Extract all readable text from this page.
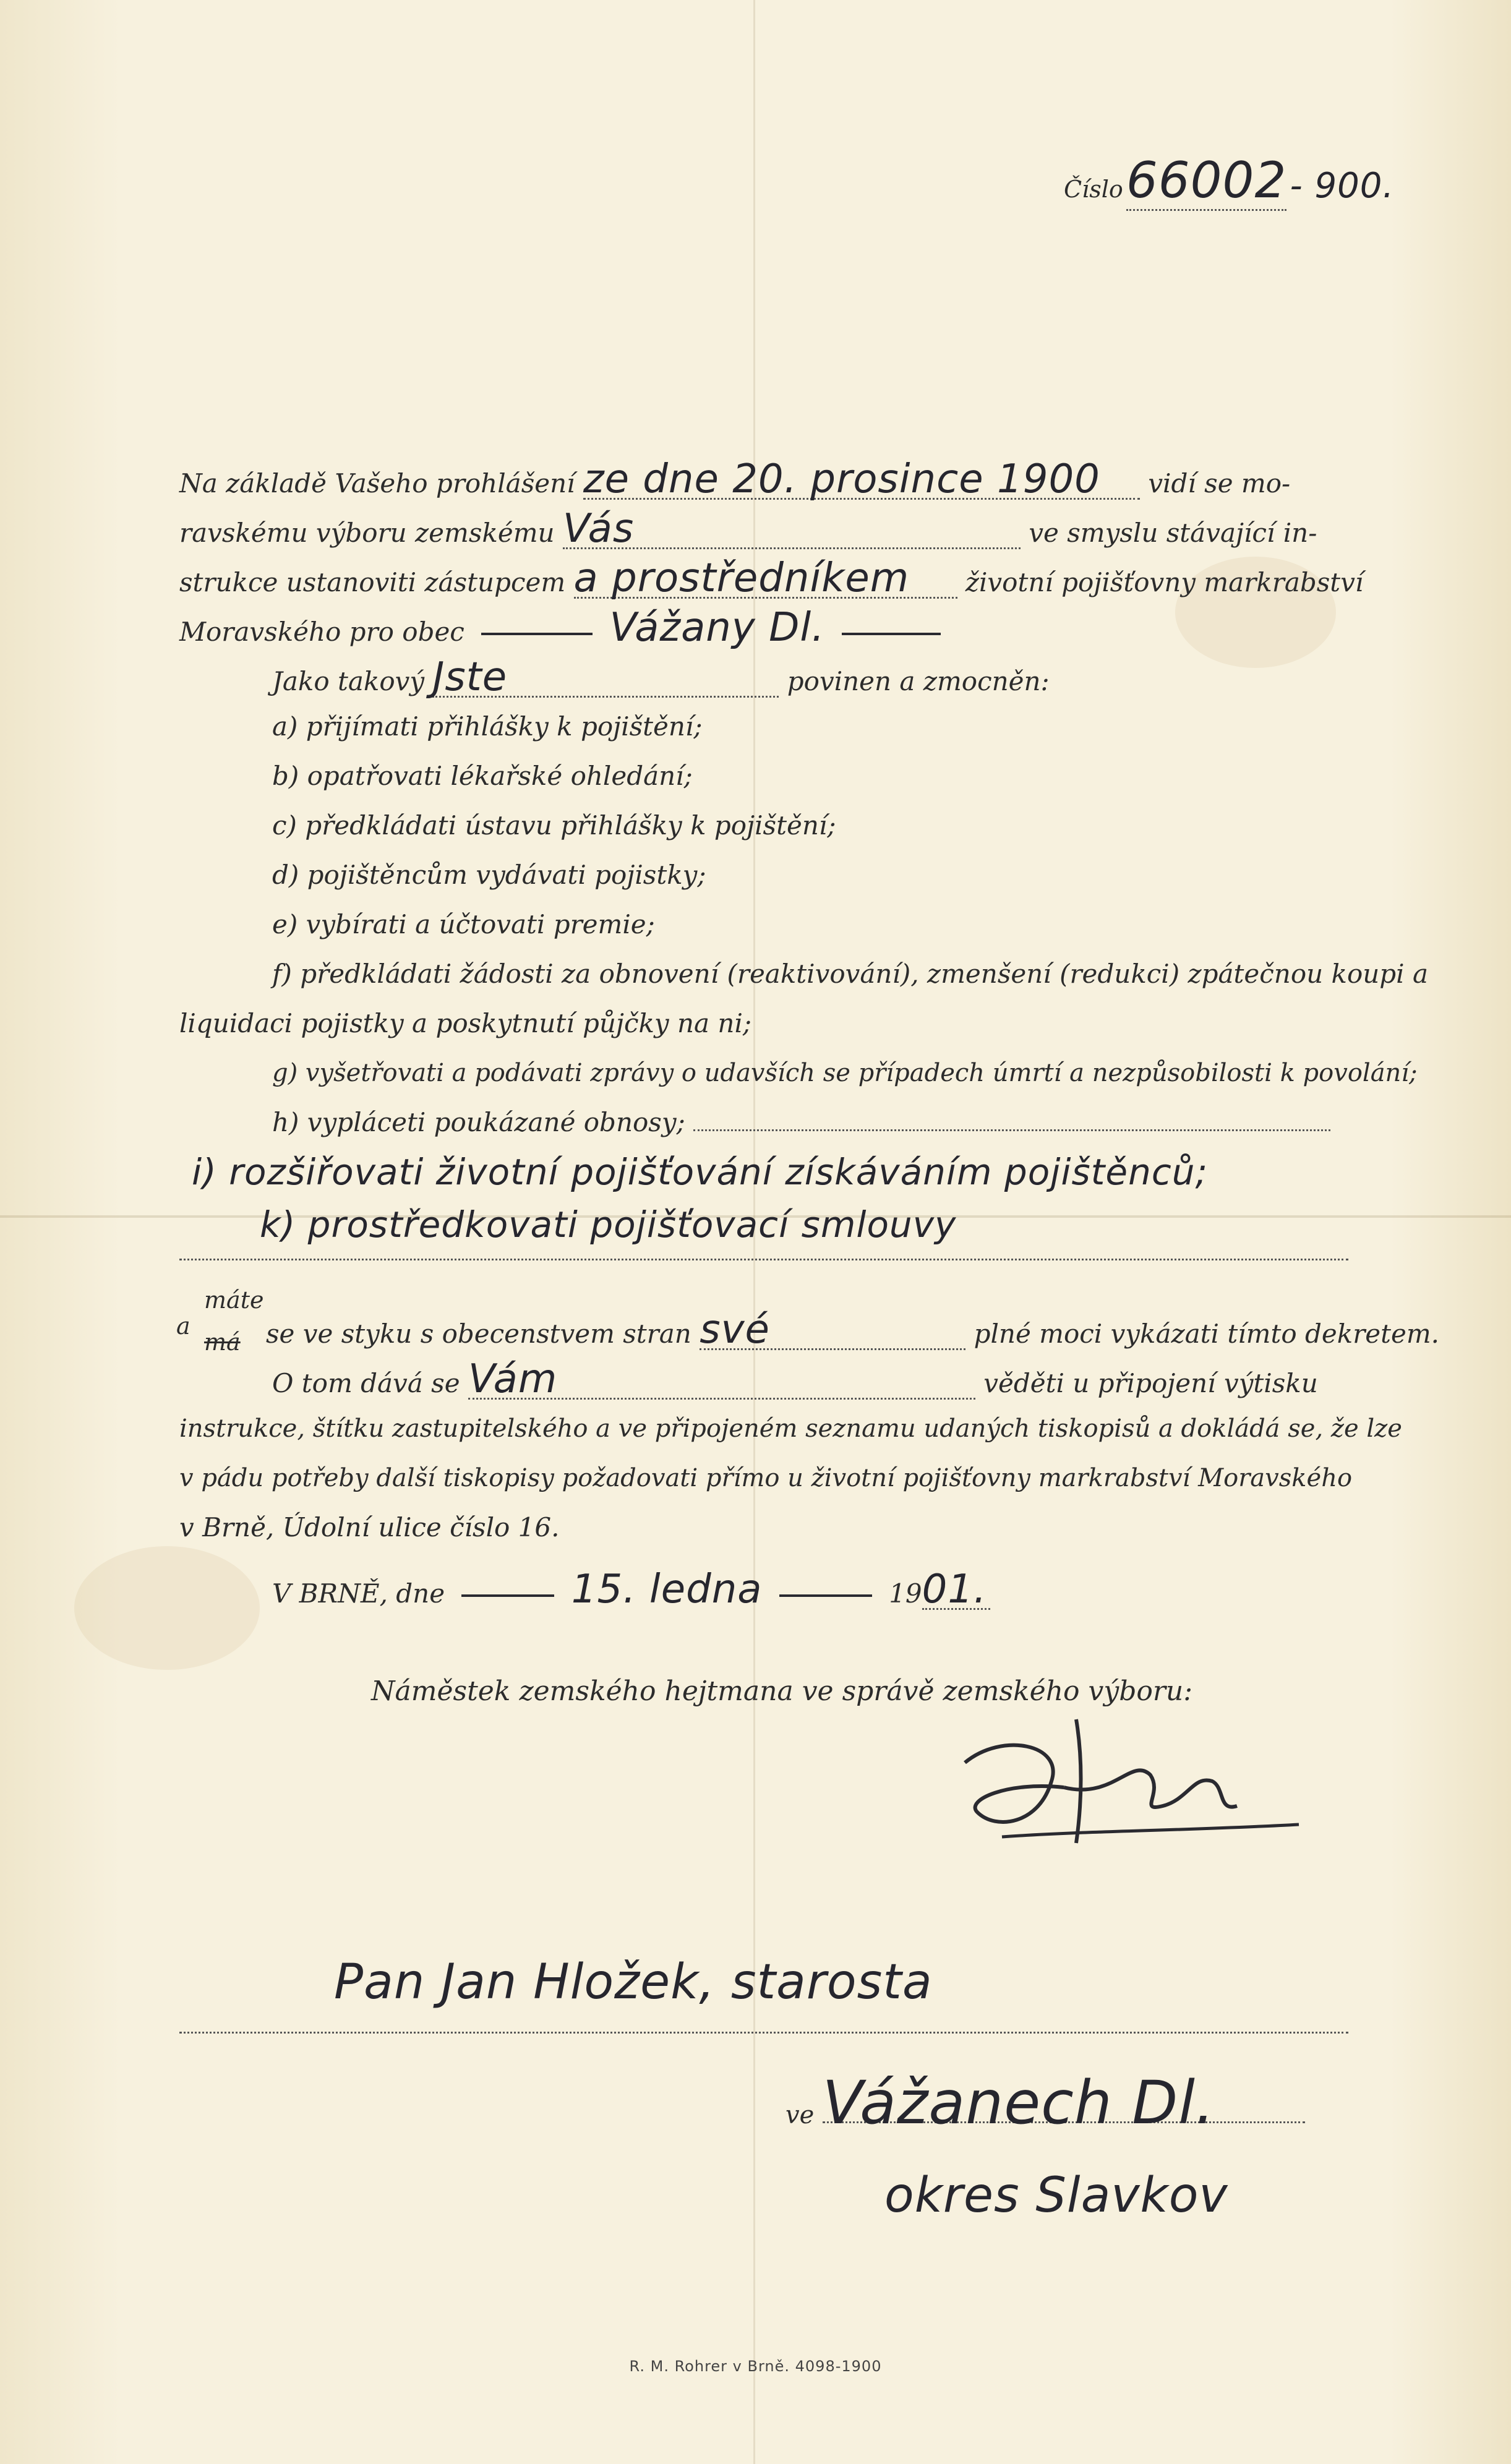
Číslo 66002 - 900.
Na základě Vašeho prohlášení ze dne 20. prosince 1900 vidí se mo-
ravskému výboru zemskému Vás	ve smyslu stávající in-
strukce ustanoviti zástupcem a prostředníkem životní pojišťovny markrabství
Moravského pro obec	Vážany Dl.
Jako takový Jste	povinen a zmocněn:
a) přijímati přihlášky k pojištění;
b) opatřovati lékařské ohledání;
c) předkládati ústavu přihlášky k pojištění;
d) pojištěncům vydávati pojistky;
e) vybírati a účtovati premie;
f) předkládati žádosti za obnovení (reaktivování), zmenšení (redukci) zpátečnou koupi a
liquidaci pojistky a poskytnutí půjčky na ni;
g) vyšetřovati a podávati zprávy o udavších se případech úmrtí a nezpůsobilosti k povolání;
h) vypláceti poukázané obnosy;
i) rozšiřovati životní pojišťování získáváním pojištěnců;
k) prostředkovati pojišťovací smlouvy
máte
a
má se ve styku s obecenstvem stran své	plné moci vykázati tímto dekretem.
O tom dává se Vám	věděti u připojení výtisku
instrukce, štítku zastupitelského a ve připojeném seznamu udaných tiskopisů a dokládá se, že lze
v pádu potřeby další tiskopisy požadovati přímo u životní pojišťovny markrabství Moravského
v Brně, Údolní ulice číslo 16.
V BRNĚ, dne	15. ledna	1901.
Náměstek zemského hejtmana ve správě zemského výboru:
Pan Jan Hložek, starosta
ve Vážanech Dl.
okres Slavkov
R. M. Rohrer v Brně. 4098-1900
